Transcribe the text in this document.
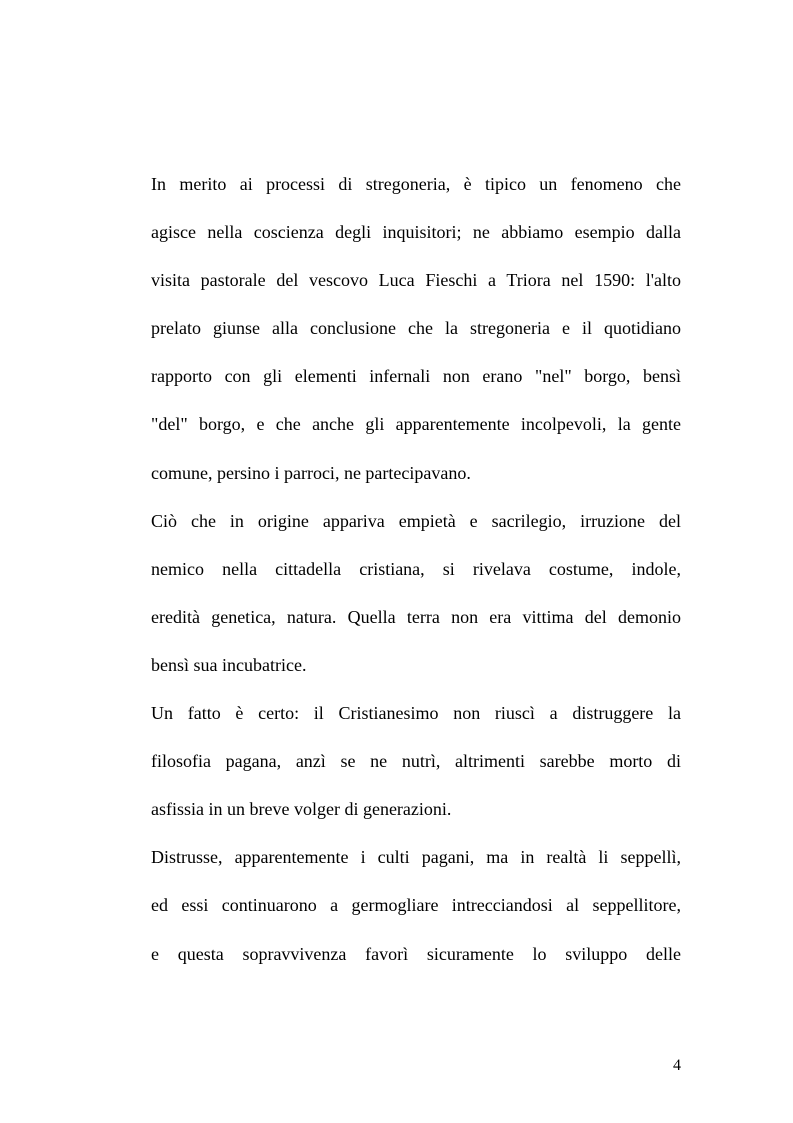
In merito ai processi di stregoneria, è tipico un fenomeno che
agisce nella coscienza degli inquisitori; ne abbiamo esempio dalla
visita pastorale del vescovo Luca Fieschi a Triora nel 1590: l'alto
prelato giunse alla conclusione che la stregoneria e il quotidiano
rapporto con gli elementi infernali non erano "nel" borgo, bensì
"del" borgo, e che anche gli apparentemente incolpevoli, la gente
comune, persino i parroci, ne partecipavano.
Ciò che in origine appariva empietà e sacrilegio, irruzione del
nemico nella cittadella cristiana, si rivelava costume, indole,
eredità genetica, natura. Quella terra non era vittima del demonio
bensì sua incubatrice.
Un fatto è certo: il Cristianesimo non riuscì a distruggere la
filosofia pagana, anzì se ne nutrì, altrimenti sarebbe morto di
asfissia in un breve volger di generazioni.
Distrusse, apparentemente i culti pagani, ma in realtà li seppellì,
ed essi continuarono a germogliare intrecciandosi al seppellitore,
e questa sopravvivenza favorì sicuramente lo sviluppo delle
4
